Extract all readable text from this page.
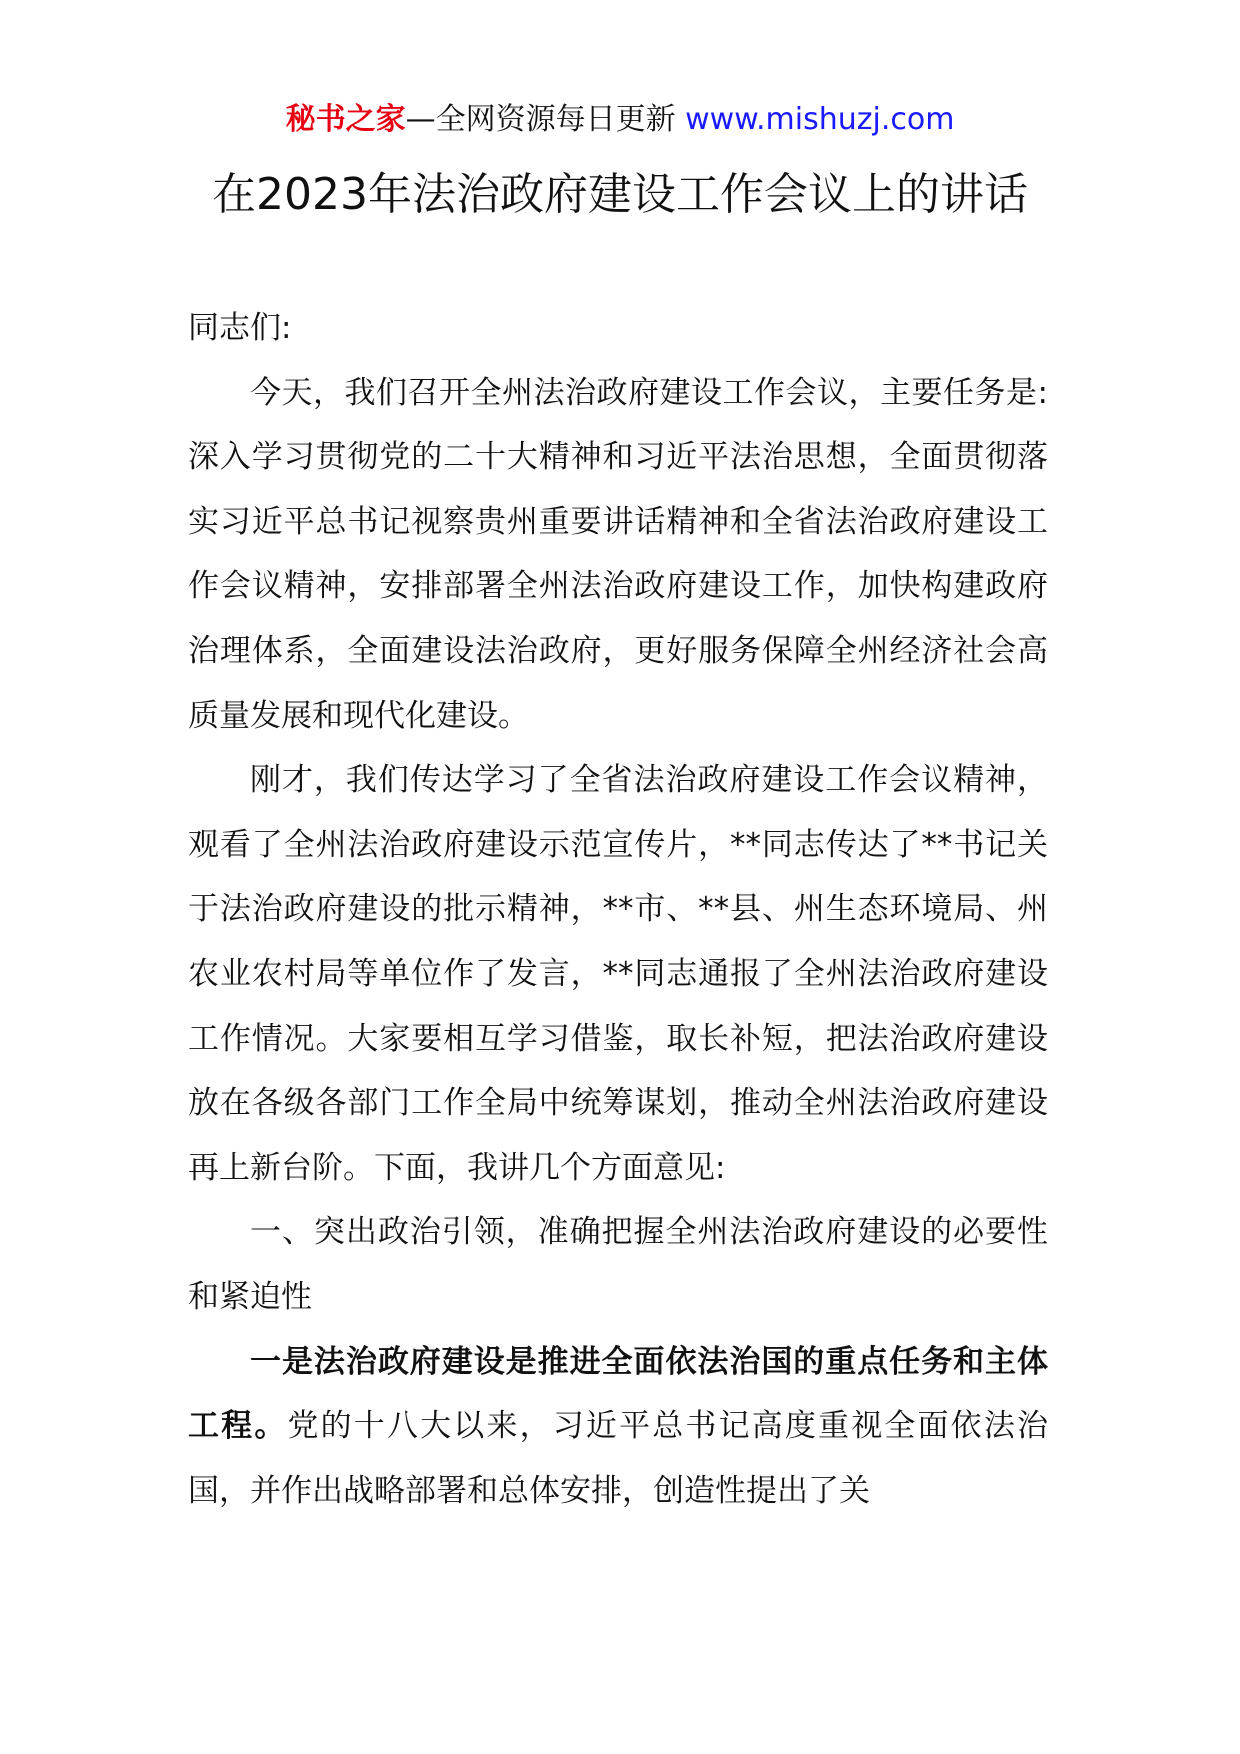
秘书之家—全网资源每日更新 www.mishuzj.com
在2023年法治政府建设工作会议上的讲话

同志们:

今天，我们召开全州法治政府建设工作会议，主要任务是:深入学习贯彻党的二十大精神和习近平法治思想，全面贯彻落实习近平总书记视察贵州重要讲话精神和全省法治政府建设工作会议精神，安排部署全州法治政府建设工作，加快构建政府治理体系，全面建设法治政府，更好服务保障全州经济社会高质量发展和现代化建设。

刚才，我们传达学习了全省法治政府建设工作会议精神，观看了全州法治政府建设示范宣传片，**同志传达了**书记关于法治政府建设的批示精神，**市、**县、州生态环境局、州农业农村局等单位作了发言，**同志通报了全州法治政府建设工作情况。大家要相互学习借鉴，取长补短，把法治政府建设放在各级各部门工作全局中统筹谋划，推动全州法治政府建设再上新台阶。下面，我讲几个方面意见:

一、突出政治引领，准确把握全州法治政府建设的必要性和紧迫性

一是法治政府建设是推进全面依法治国的重点任务和主体工程。党的十八大以来，习近平总书记高度重视全面依法治国，并作出战略部署和总体安排，创造性提出了关
